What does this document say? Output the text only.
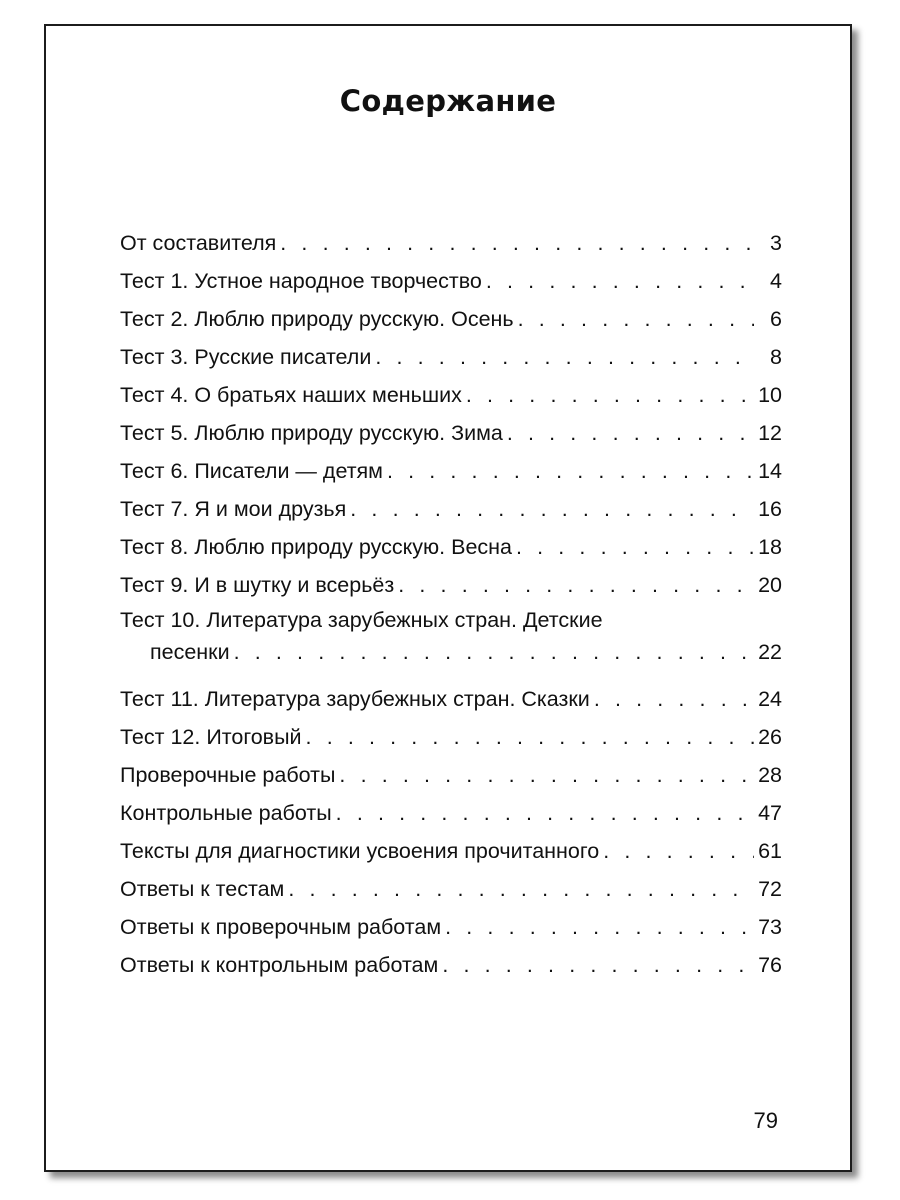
Содержание
От составителя . . .	3
Тест 1. Устное народное творчество . . .	4
Тест 2. Люблю природу русскую. Осень . . .	6
Тест 3. Русские писатели . . .	8
Тест 4. О братьях наших меньших . . .	10
Тест 5. Люблю природу русскую. Зима . . .	12
Тест 6. Писатели — детям . . .	14
Тест 7. Я и мои друзья . . .	16
Тест 8. Люблю природу русскую. Весна . . .	18
Тест 9. И в шутку и всерьёз . . .	20
Тест 10. Литература зарубежных стран. Детские
песенки . . .	22
Тест 11. Литература зарубежных стран. Сказки . . .	24
Тест 12. Итоговый . . .	26
Проверочные работы . . .	28
Контрольные работы . . .	47
Тексты для диагностики усвоения прочитанного . . .	61
Ответы к тестам . . .	72
Ответы к проверочным работам . . .	73
Ответы к контрольным работам . . .	76
79
